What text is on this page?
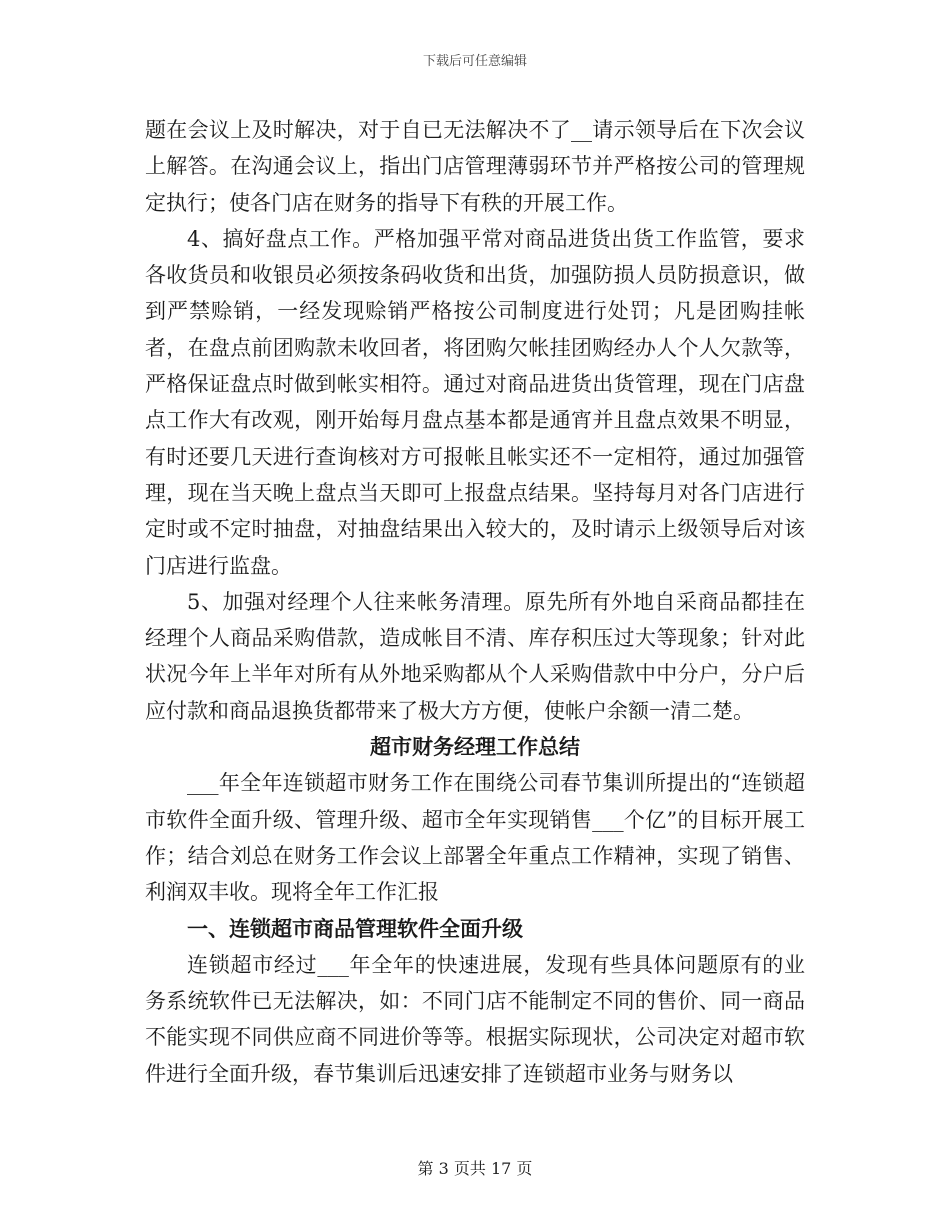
下载后可任意编辑

题在会议上及时解决，对于自已无法解决不了__请示领导后在下次会议上解答。在沟通会议上，指出门店管理薄弱环节并严格按公司的管理规定执行；使各门店在财务的指导下有秩的开展工作。

4、搞好盘点工作。严格加强平常对商品进货出货工作监管，要求各收货员和收银员必须按条码收货和出货，加强防损人员防损意识，做到严禁赊销，一经发现赊销严格按公司制度进行处罚；凡是团购挂帐者，在盘点前团购款未收回者，将团购欠帐挂团购经办人个人欠款等，严格保证盘点时做到帐实相符。通过对商品进货出货管理，现在门店盘点工作大有改观，刚开始每月盘点基本都是通宵并且盘点效果不明显，有时还要几天进行查询核对方可报帐且帐实还不一定相符，通过加强管理，现在当天晚上盘点当天即可上报盘点结果。坚持每月对各门店进行定时或不定时抽盘，对抽盘结果出入较大的，及时请示上级领导后对该门店进行监盘。

5、加强对经理个人往来帐务清理。原先所有外地自采商品都挂在经理个人商品采购借款，造成帐目不清、库存积压过大等现象；针对此状况今年上半年对所有从外地采购都从个人采购借款中中分户，分户后应付款和商品退换货都带来了极大方方便，使帐户余额一清二楚。

超市财务经理工作总结

___年全年连锁超市财务工作在围绕公司春节集训所提出的“连锁超市软件全面升级、管理升级、超市全年实现销售___个亿”的目标开展工作；结合刘总在财务工作会议上部署全年重点工作精神，实现了销售、利润双丰收。现将全年工作汇报

一、连锁超市商品管理软件全面升级

连锁超市经过___年全年的快速进展，发现有些具体问题原有的业务系统软件已无法解决，如：不同门店不能制定不同的售价、同一商品不能实现不同供应商不同进价等等。根据实际现状，公司决定对超市软件进行全面升级，春节集训后迅速安排了连锁超市业务与财务以

第 3 页共 17 页
